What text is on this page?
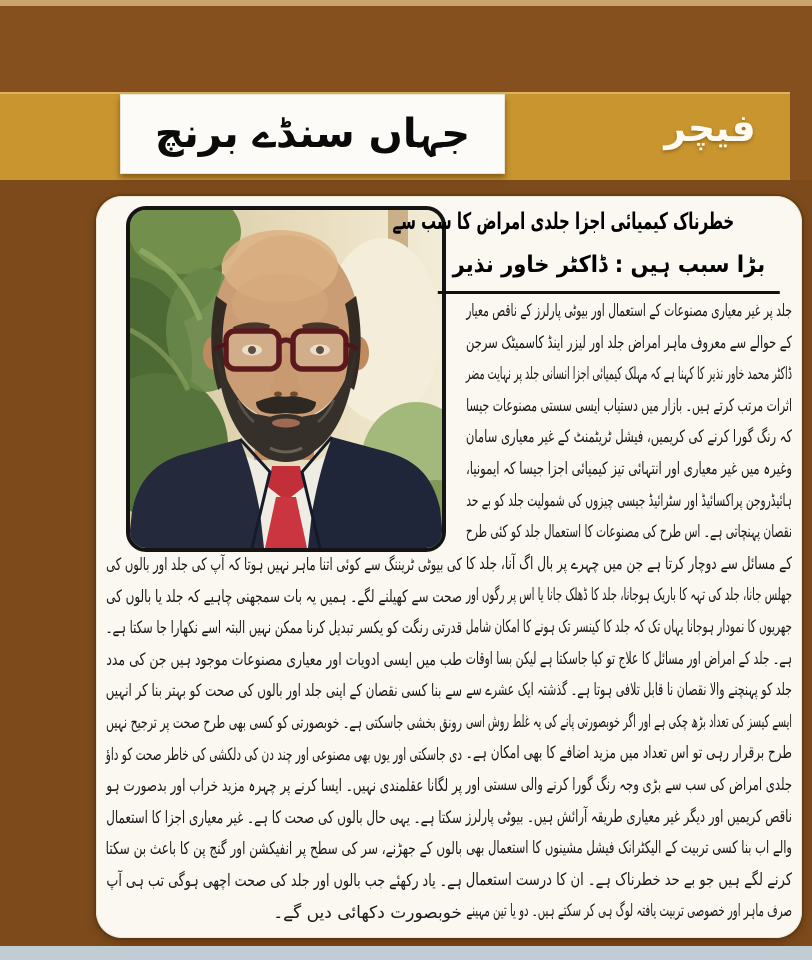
جہاں سنڈے برنچ	فیچر
خطرناک کیمیائی اجزا جلدی امراض کا سب سے
بڑا سبب ہیں : ڈاکٹر خاور نذیر
جلد پر غیر معیاری مصنوعات کے استعمال اور بیوٹی پارلرز کے ناقص معیار
کے حوالے سے معروف ماہر امراض جلد اور لیزر اینڈ کاسمیٹک سرجن
ڈاکٹر محمد خاور نذیر کا کہنا ہے کہ مہلک کیمیائی اجزا انسانی جلد پر نہایت مضر
اثرات مرتب کرتے ہیں۔ بازار میں دستیاب ایسی سستی مصنوعات جیسا
کہ رنگ گورا کرنے کی کریمیں، فیشل ٹریٹمنٹ کے غیر معیاری سامان
وغیرہ میں غیر معیاری اور انتہائی تیز کیمیائی اجزا جیسا کہ ایمونیا،
ہائیڈروجن پراکسائیڈ اور سٹرائیڈ جیسی چیزوں کی شمولیت جلد کو بے حد
نقصان پہنچاتی ہے۔ اس طرح کی مصنوعات کا استعمال جلد کو کئی طرح
کے مسائل سے دوچار کرتا ہے جن میں چہرے پر بال اگ آنا، جلد کا
جھلس جانا، جلد کی تہہ کا باریک ہوجانا، جلد کا ڈھلک جانا یا اس پر رگوں اور
جھریوں کا نمودار ہوجانا یہاں تک کہ جلد کا کینسر تک ہونے کا امکان شامل
ہے۔ جلد کے امراض اور مسائل کا علاج تو کیا جاسکتا ہے لیکن بسا اوقات
جلد کو پہنچنے والا نقصان نا قابل تلافی ہوتا ہے۔ گذشتہ ایک عشرے سے
ایسے کیسز کی تعداد بڑھ چکی ہے اور اگر خوبصورتی پانے کی یہ غلط روش اسی
طرح برقرار رہی تو اس تعداد میں مزید اضافے کا بھی امکان ہے۔
جلدی امراض کی سب سے بڑی وجہ رنگ گورا کرنے والی سستی اور
ناقص کریمیں اور دیگر غیر معیاری طریقہ آرائش ہیں۔ بیوٹی پارلرز
والے اب بنا کسی تربیت کے الیکٹرانک فیشل مشینوں کا استعمال بھی
کرنے لگے ہیں جو بے حد خطرناک ہے۔ ان کا درست استعمال
صرف ماہر اور خصوصی تربیت یافتہ لوگ ہی کر سکتے ہیں۔ دو یا تین مہینے
کی بیوٹی ٹریننگ سے کوئی اتنا ماہر نہیں ہوتا کہ آپ کی جلد اور بالوں کی
صحت سے کھیلنے لگے۔ ہمیں یہ بات سمجھنی چاہیے کہ جلد یا بالوں کی
قدرتی رنگت کو یکسر تبدیل کرنا ممکن نہیں البتہ اسے نکھارا جا سکتا ہے۔
طب میں ایسی ادویات اور معیاری مصنوعات موجود ہیں جن کی مدد
سے بنا کسی نقصان کے اپنی جلد اور بالوں کی صحت کو بہتر بنا کر انہیں
رونق بخشی جاسکتی ہے۔ خوبصورتی کو کسی بھی طرح صحت پر ترجیح نہیں
دی جاسکتی اور یوں بھی مصنوعی اور چند دن کی دلکشی کی خاطر صحت کو داؤ
پر لگانا عقلمندی نہیں۔ ایسا کرنے پر چہرہ مزید خراب اور بدصورت ہو
سکتا ہے۔ یہی حال بالوں کی صحت کا ہے۔ غیر معیاری اجزا کا استعمال
بالوں کے جھڑنے، سر کی سطح پر انفیکشن اور گنج پن کا باعث بن سکتا
ہے۔ یاد رکھئے جب بالوں اور جلد کی صحت اچھی ہوگی تب ہی آپ
خوبصورت دکھائی دیں گے۔
